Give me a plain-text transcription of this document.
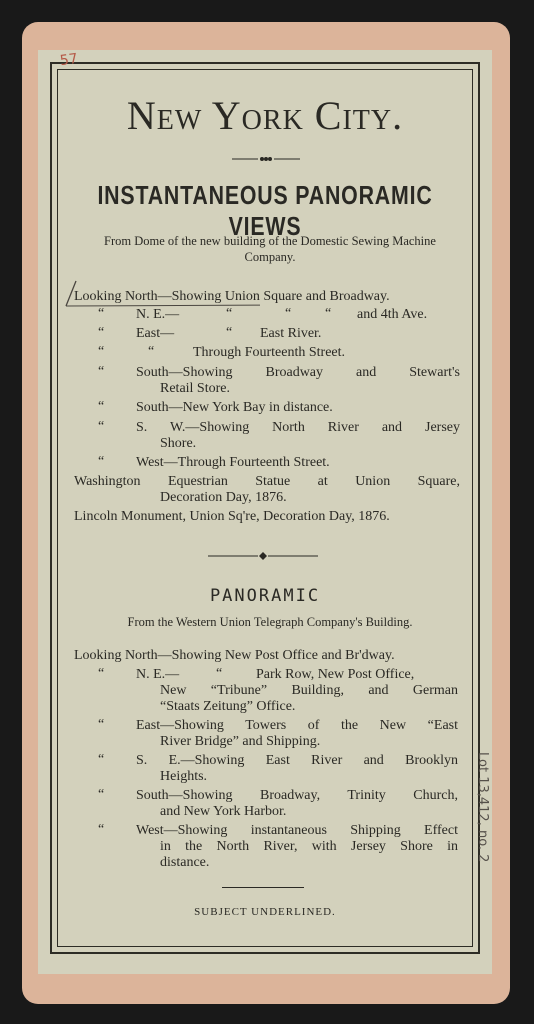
57
New York City.
INSTANTANEOUS PANORAMIC VIEWS
From Dome of the new building of the Domestic Sewing Machine Company.
Looking North—Showing Union Square and Broadway.
“ N. E.—	“	“ “ and 4th Ave.
“ East—	“ East River.
“	“	Through Fourteenth Street.
“ South—Showing Broadway and Stewart's
Retail Store.
“ South—New York Bay in distance.
“ S. W.—Showing North River and Jersey
Shore.
“ West—Through Fourteenth Street.
Washington Equestrian Statue at Union Square,
Decoration Day, 1876.
Lincoln Monument, Union Sq're, Decoration Day, 1876.
PANORAMIC
From the Western Union Telegraph Company's Building.
Looking North—Showing New Post Office and Br'dway.
“ N. E.—	“ Park Row, New Post Office,
New “Tribune” Building, and German
“Staats Zeitung” Office.
“ East—Showing Towers of the New “East
River Bridge” and Shipping.
“ S. E.—Showing East River and Brooklyn
Heights.
“ South—Showing Broadway, Trinity Church,
and New York Harbor.
“ West—Showing instantaneous Shipping Effect
in the North River, with Jersey Shore in
distance.
SUBJECT UNDERLINED.
Lot 13,412, no. 2
